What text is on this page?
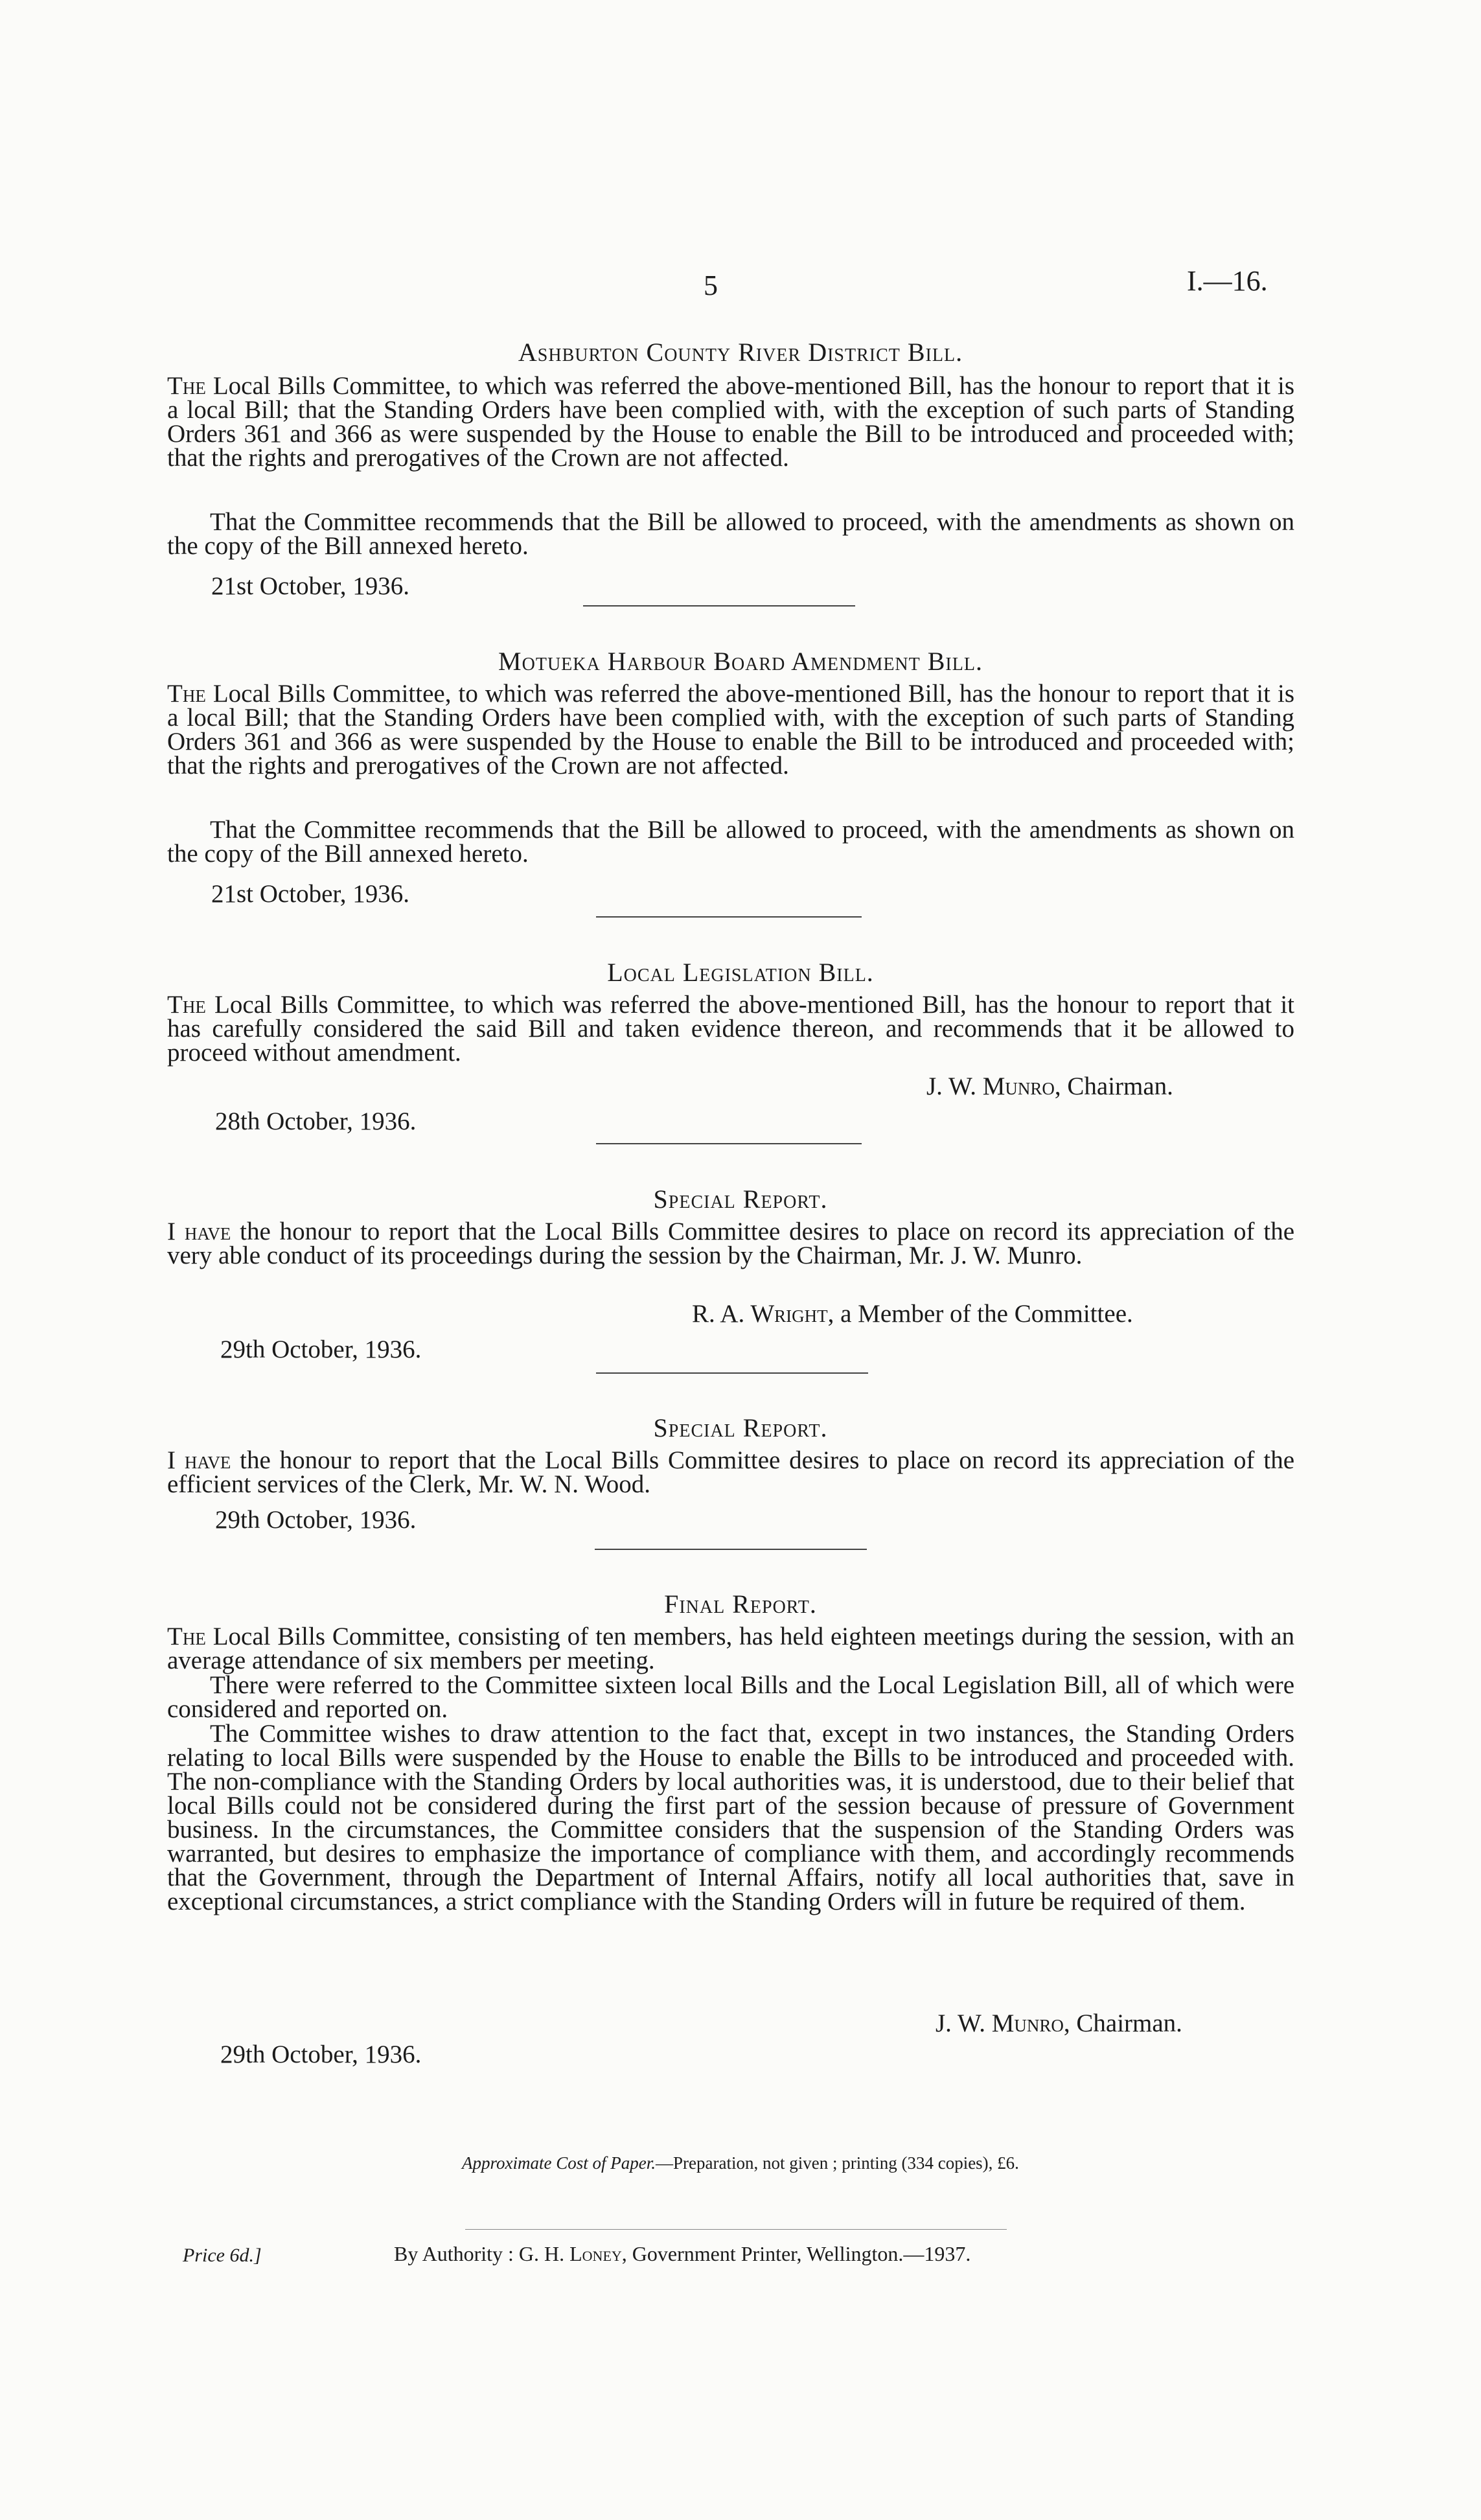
5	I.—16.
Ashburton County River District Bill.
The Local Bills Committee, to which was referred the above-mentioned Bill, has the honour to report that it is a local Bill; that the Standing Orders have been complied with, with the exception of such parts of Standing Orders 361 and 366 as were suspended by the House to enable the Bill to be introduced and proceeded with; that the rights and prerogatives of the Crown are not affected.
That the Committee recommends that the Bill be allowed to proceed, with the amendments as shown on the copy of the Bill annexed hereto.
21st October, 1936.
Motueka Harbour Board Amendment Bill.
The Local Bills Committee, to which was referred the above-mentioned Bill, has the honour to report that it is a local Bill; that the Standing Orders have been complied with, with the exception of such parts of Standing Orders 361 and 366 as were suspended by the House to enable the Bill to be introduced and proceeded with; that the rights and prerogatives of the Crown are not affected.
That the Committee recommends that the Bill be allowed to proceed, with the amendments as shown on the copy of the Bill annexed hereto.
21st October, 1936.
Local Legislation Bill.
The Local Bills Committee, to which was referred the above-mentioned Bill, has the honour to report that it has carefully considered the said Bill and taken evidence thereon, and recommends that it be allowed to proceed without amendment.
J. W. Munro, Chairman.
28th October, 1936.
Special Report.
I have the honour to report that the Local Bills Committee desires to place on record its appreciation of the very able conduct of its proceedings during the session by the Chairman, Mr. J. W. Munro.
R. A. Wright, a Member of the Committee.
29th October, 1936.
Special Report.
I have the honour to report that the Local Bills Committee desires to place on record its appreciation of the efficient services of the Clerk, Mr. W. N. Wood.
29th October, 1936.
Final Report.
The Local Bills Committee, consisting of ten members, has held eighteen meetings during the session, with an average attendance of six members per meeting.
There were referred to the Committee sixteen local Bills and the Local Legislation Bill, all of which were considered and reported on.
The Committee wishes to draw attention to the fact that, except in two instances, the Standing Orders relating to local Bills were suspended by the House to enable the Bills to be introduced and proceeded with. The non-compliance with the Standing Orders by local authorities was, it is understood, due to their belief that local Bills could not be considered during the first part of the session because of pressure of Government business. In the circumstances, the Committee considers that the suspension of the Standing Orders was warranted, but desires to emphasize the importance of compliance with them, and accordingly recommends that the Government, through the Department of Internal Affairs, notify all local authorities that, save in exceptional circumstances, a strict compliance with the Standing Orders will in future be required of them.
J. W. Munro, Chairman.
29th October, 1936.
Approximate Cost of Paper.—Preparation, not given ; printing (334 copies), £6.
Price 6d.]	By Authority : G. H. Loney, Government Printer, Wellington.—1937.
